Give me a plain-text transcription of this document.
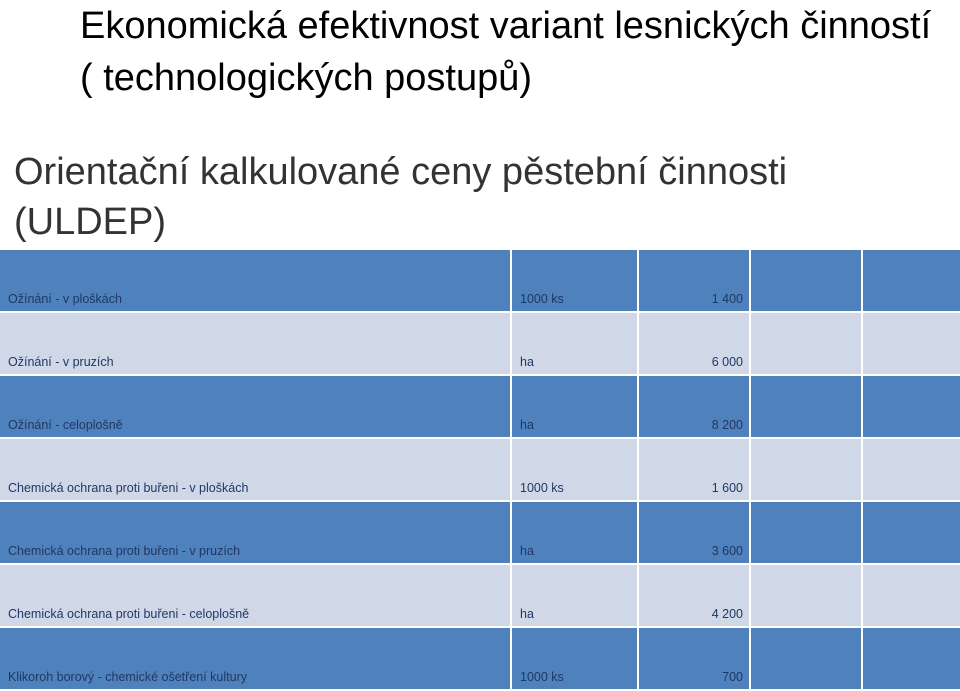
Ekonomická efektivnost variant lesnických činností ( technologických postupů)
Orientační kalkulované ceny pěstební činnosti (ULDEP)
Ožínání - v ploškách	1000 ks	1 400		
Ožínání - v pruzích	ha	6 000		
Ožínání - celoplošně	ha	8 200		
Chemická ochrana proti buřeni - v ploškách	1000 ks	1 600		
Chemická ochrana proti buřeni - v pruzích	ha	3 600		
Chemická ochrana proti buřeni - celoplošně	ha	4 200		
Klikoroh borový - chemické ošetření kultury	1000 ks	700		
